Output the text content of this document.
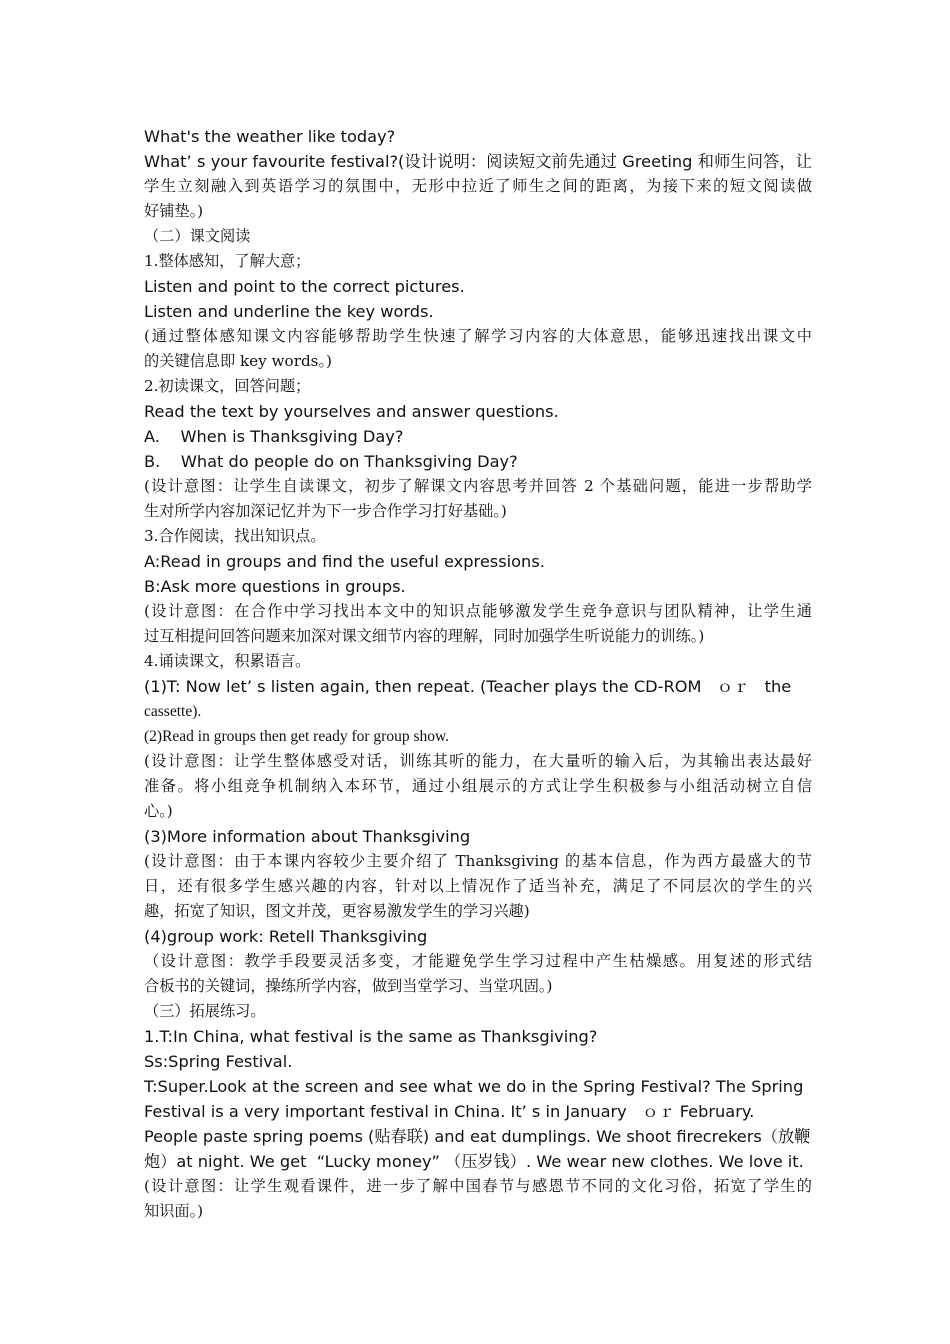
What's the weather like today?
What’ s your favourite festival?(设计说明：阅读短文前先通过 Greeting 和师生问答，让
学生立刻融入到英语学习的氛围中，无形中拉近了师生之间的距离，为接下来的短文阅读做
好铺垫。)
（二）课文阅读
1.整体感知，了解大意；
Listen and point to the correct pictures.
Listen and underline the key words.
(通过整体感知课文内容能够帮助学生快速了解学习内容的大体意思，能够迅速找出课文中
的关键信息即 key words。)
2.初读课文，回答问题；
Read the text by yourselves and answer questions.
A.    When is Thanksgiving Day?
B.    What do people do on Thanksgiving Day?
(设计意图：让学生自读课文，初步了解课文内容思考并回答 2 个基础问题，能进一步帮助学
生对所学内容加深记忆并为下一步合作学习打好基础。)
3.合作阅读，找出知识点。
A:Read in groups and find the useful expressions.
B:Ask more questions in groups.
(设计意图：在合作中学习找出本文中的知识点能够激发学生竞争意识与团队精神，让学生通
过互相提问回答问题来加深对课文细节内容的理解，同时加强学生听说能力的训练。)
4.诵读课文，积累语言。
(1)T: Now let’ s listen again, then repeat. (Teacher plays the CD-ROM   ｏｒ   the
cassette).
(2)Read in groups then get ready for group show.
(设计意图：让学生整体感受对话，训练其听的能力，在大量听的输入后，为其输出表达最好
准备。将小组竞争机制纳入本环节，通过小组展示的方式让学生积极参与小组活动树立自信
心。)
(3)More information about Thanksgiving
(设计意图：由于本课内容较少主要介绍了 Thanksgiving 的基本信息，作为西方最盛大的节
日，还有很多学生感兴趣的内容，针对以上情况作了适当补充，满足了不同层次的学生的兴
趣，拓宽了知识，图文并茂，更容易激发学生的学习兴趣)
(4)group work: Retell Thanksgiving
（设计意图：教学手段要灵活多变，才能避免学生学习过程中产生枯燥感。用复述的形式结
合板书的关键词，操练所学内容，做到当堂学习、当堂巩固。)
（三）拓展练习。
1.T:In China, what festival is the same as Thanksgiving?
Ss:Spring Festival.
T:Super.Look at the screen and see what we do in the Spring Festival? The Spring
Festival is a very important festival in China. It’ s in January   ｏｒ February.
People paste spring poems (贴春联) and eat dumplings. We shoot firecrekers（放鞭
炮）at night. We get  “Lucky money” （压岁钱）. We wear new clothes. We love it.
(设计意图：让学生观看课件，进一步了解中国春节与感恩节不同的文化习俗，拓宽了学生的
知识面。)
